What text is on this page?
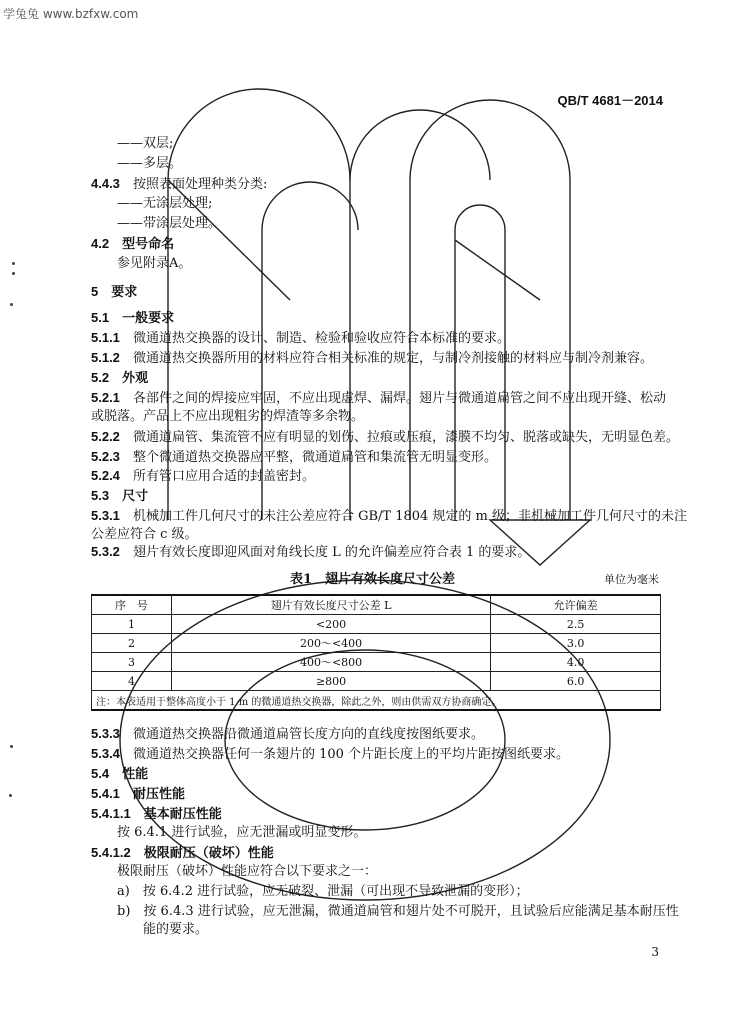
学兔兔 www.bzfxw.com
QB/T 4681－2014
——双层;
——多层。
4.4.3　 按照表面处理种类分类:
——无涂层处理;
——带涂层处理。
4.2　 型号命名
参见附录A。
5　 要求
5.1　 一般要求
5.1.1　 微通道热交换器的设计、制造、检验和验收应符合本标准的要求。
5.1.2　 微通道热交换器所用的材料应符合相关标准的规定，与制冷剂接触的材料应与制冷剂兼容。
5.2　 外观
5.2.1　 各部件之间的焊接应牢固，不应出现虚焊、漏焊。翅片与微通道扁管之间不应出现开缝、松动
或脱落。产品上不应出现粗劣的焊渣等多余物。
5.2.2　 微通道扁管、集流管不应有明显的划伤、拉痕或压痕，漆膜不均匀、脱落或缺失，无明显色差。
5.2.3　 整个微通道热交换器应平整，微通道扁管和集流管无明显变形。
5.2.4　 所有管口应用合适的封盖密封。
5.3　 尺寸
5.3.1　 机械加工件几何尺寸的未注公差应符合 GB/T 1804 规定的 m 级；非机械加工件几何尺寸的未注
公差应符合 c 级。
5.3.2　 翅片有效长度即迎风面对角线长度 L 的允许偏差应符合表 1 的要求。
表1　翅片有效长度尺寸公差	单位为毫米
序　号	翅片有效长度尺寸公差 L	允许偏差
1	<200	2.5
2	200～<400	3.0
3	400～<800	4.0
4	≥800	6.0
注：本表适用于整体高度小于 1 m 的微通道热交换器，除此之外，则由供需双方协商确定。		
5.3.3　 微通道热交换器沿微通道扁管长度方向的直线度按图纸要求。
5.3.4　 微通道热交换器任何一条翅片的 100 个片距长度上的平均片距按图纸要求。
5.4　 性能
5.4.1　 耐压性能
5.4.1.1　 基本耐压性能
按 6.4.1 进行试验，应无泄漏或明显变形。
5.4.1.2　 极限耐压（破坏）性能
极限耐压（破坏）性能应符合以下要求之一：
a)　 按 6.4.2 进行试验，应无破裂、泄漏（可出现不导致泄漏的变形）；
b)　 按 6.4.3 进行试验，应无泄漏，微通道扁管和翅片处不可脱开，且试验后应能满足基本耐压性
能的要求。
3
